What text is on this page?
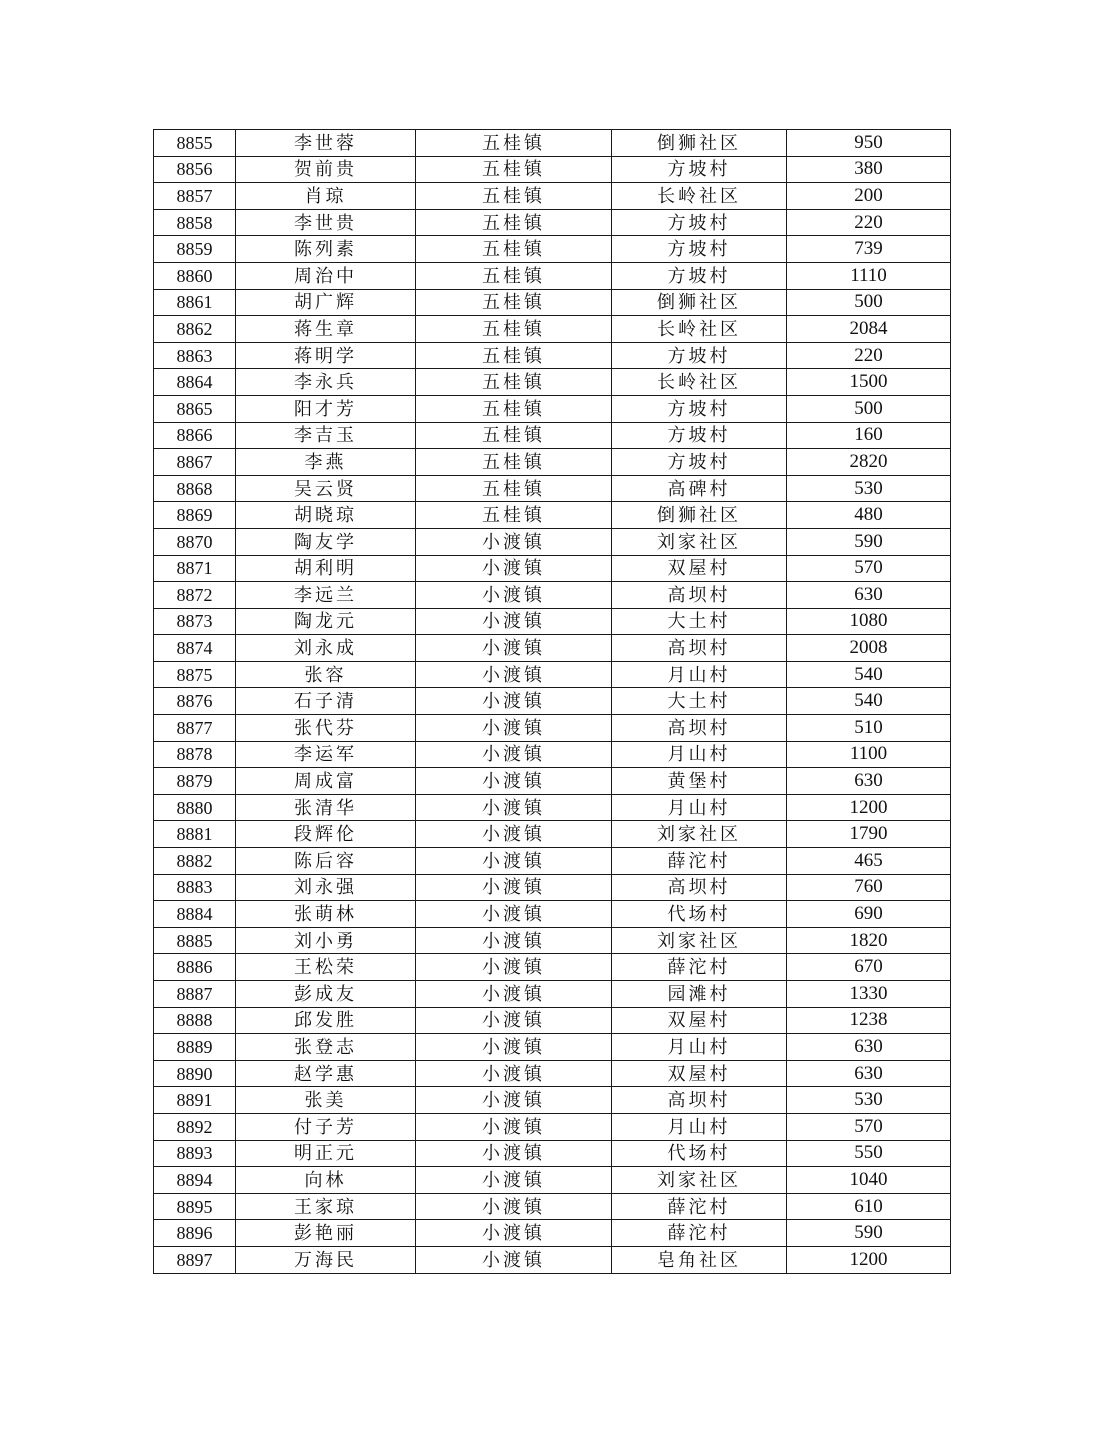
8855	李世蓉	五桂镇	倒狮社区	950
8856	贺前贵	五桂镇	方坡村	380
8857	肖琼	五桂镇	长岭社区	200
8858	李世贵	五桂镇	方坡村	220
8859	陈列素	五桂镇	方坡村	739
8860	周治中	五桂镇	方坡村	1110
8861	胡广辉	五桂镇	倒狮社区	500
8862	蒋生章	五桂镇	长岭社区	2084
8863	蒋明学	五桂镇	方坡村	220
8864	李永兵	五桂镇	长岭社区	1500
8865	阳才芳	五桂镇	方坡村	500
8866	李吉玉	五桂镇	方坡村	160
8867	李燕	五桂镇	方坡村	2820
8868	吴云贤	五桂镇	高碑村	530
8869	胡晓琼	五桂镇	倒狮社区	480
8870	陶友学	小渡镇	刘家社区	590
8871	胡利明	小渡镇	双屋村	570
8872	李远兰	小渡镇	高坝村	630
8873	陶龙元	小渡镇	大土村	1080
8874	刘永成	小渡镇	高坝村	2008
8875	张容	小渡镇	月山村	540
8876	石子清	小渡镇	大土村	540
8877	张代芬	小渡镇	高坝村	510
8878	李运军	小渡镇	月山村	1100
8879	周成富	小渡镇	黄堡村	630
8880	张清华	小渡镇	月山村	1200
8881	段辉伦	小渡镇	刘家社区	1790
8882	陈后容	小渡镇	薛沱村	465
8883	刘永强	小渡镇	高坝村	760
8884	张萌林	小渡镇	代场村	690
8885	刘小勇	小渡镇	刘家社区	1820
8886	王松荣	小渡镇	薛沱村	670
8887	彭成友	小渡镇	园滩村	1330
8888	邱发胜	小渡镇	双屋村	1238
8889	张登志	小渡镇	月山村	630
8890	赵学惠	小渡镇	双屋村	630
8891	张美	小渡镇	高坝村	530
8892	付子芳	小渡镇	月山村	570
8893	明正元	小渡镇	代场村	550
8894	向林	小渡镇	刘家社区	1040
8895	王家琼	小渡镇	薛沱村	610
8896	彭艳丽	小渡镇	薛沱村	590
8897	万海民	小渡镇	皂角社区	1200
